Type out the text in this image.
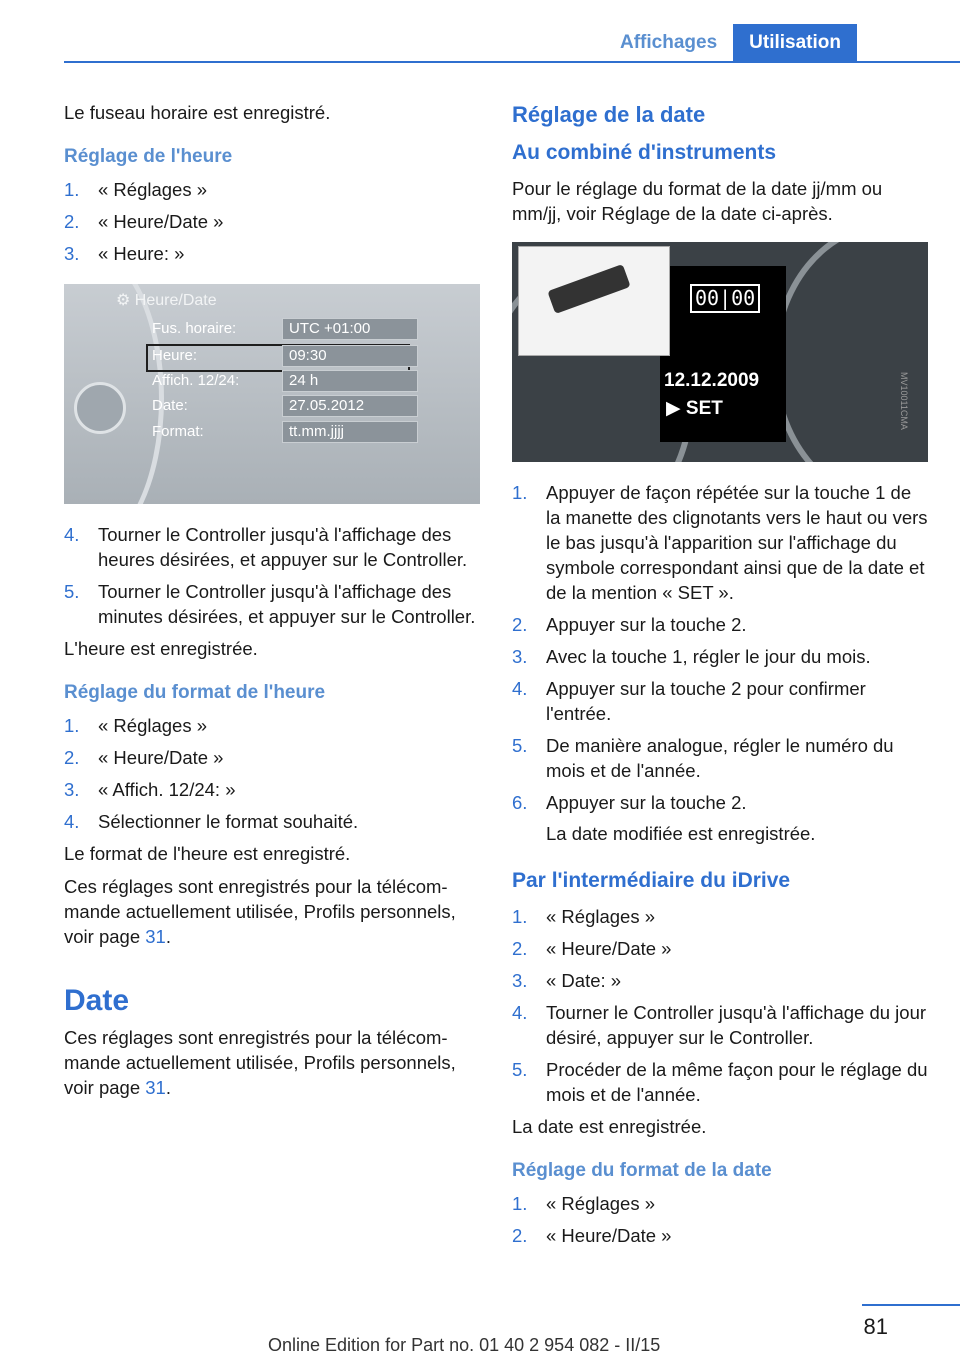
Affichages	Utilisation

Le fuseau horaire est enregistré.

Réglage de l'heure
1. « Réglages »
2. « Heure/Date »
3. « Heure: »
⚙ Heure/Date
Fus. horaire:	UTC +01:00
Heure:	09:30
Affich. 12/24:	24 h
Date:	27.05.2012
Format:	tt.mm.jjjj
4. Tourner le Controller jusqu'à l'affichage des heures désirées, et appuyer sur le Controller.
5. Tourner le Controller jusqu'à l'affichage des minutes désirées, et appuyer sur le Controller.

L'heure est enregistrée.

Réglage du format de l'heure
1. « Réglages »
2. « Heure/Date »
3. « Affich. 12/24: »
4. Sélectionner le format souhaité.

Le format de l'heure est enregistré.

Ces réglages sont enregistrés pour la télécommande actuellement utilisée, Profils personnels, voir page 31.

Date

Ces réglages sont enregistrés pour la télécommande actuellement utilisée, Profils personnels, voir page 31.

Réglage de la date
Au combiné d'instruments

Pour le réglage du format de la date jj/mm ou mm/jj, voir Réglage de la date ci-après.

00|00
12.12.2009
▶ SET	MV10011CMA
1. Appuyer de façon répétée sur la touche 1 de la manette des clignotants vers le haut ou vers le bas jusqu'à l'apparition sur l'affichage du symbole correspondant ainsi que de la date et de la mention « SET ».
2. Appuyer sur la touche 2.
3. Avec la touche 1, régler le jour du mois.
4. Appuyer sur la touche 2 pour confirmer l'entrée.
5. De manière analogue, régler le numéro du mois et de l'année.
6. Appuyer sur la touche 2.
La date modifiée est enregistrée.
Par l'intermédiaire du iDrive
1. « Réglages »
2. « Heure/Date »
3. « Date: »
4. Tourner le Controller jusqu'à l'affichage du jour désiré, appuyer sur le Controller.
5. Procéder de la même façon pour le réglage du mois et de l'année.

La date est enregistrée.

Réglage du format de la date
1. « Réglages »
2. « Heure/Date »
81
Online Edition for Part no. 01 40 2 954 082 - II/15
